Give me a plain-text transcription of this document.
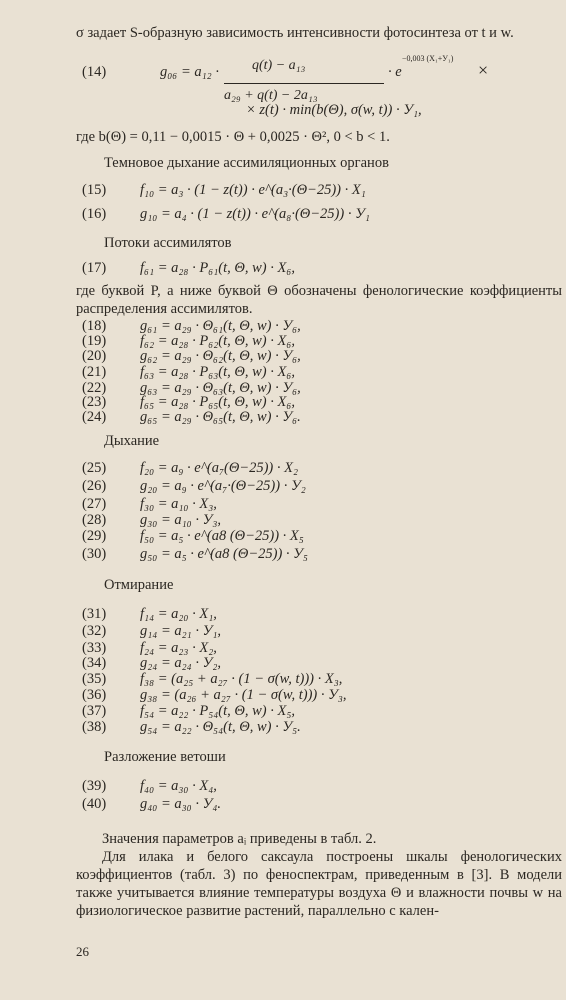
σ задает S-образную зависимость интенсивности фотосинтеза от t и w.
(14)	g₀₆ = a₁₂ · q(t) − a₁₃
a₂₉ + q(t) − 2a₁₃
· e
−0,003 (X₁+У₁)
×
× z(t) · min(b(Θ), σ(w, t)) · У₁,
где b(Θ) = 0,11 − 0,0015 · Θ + 0,0025 · Θ², 0 < b < 1.
Темновое дыхание ассимиляционных органов
(15) f₁₀ = a₃ · (1 − z(t)) · e^(a₃·(Θ−25)) · X₁
(16) g₁₀ = a₄ · (1 − z(t)) · e^(a₈·(Θ−25)) · У₁
Потоки ассимилятов
(17) f₆₁ = a₂₈ · P₆₁(t, Θ, w) · X₆,
где буквой P, а ниже буквой Θ обозначены фенологические коэффициенты распределения ассимилятов.
(18) g₆₁ = a₂₉ · Θ₆₁(t, Θ, w) · У₆,
(19) f₆₂ = a₂₈ · P₆₂(t, Θ, w) · X₆,
(20) g₆₂ = a₂₉ · Θ₆₂(t, Θ, w) · У₆,
(21) f₆₃ = a₂₈ · P₆₃(t, Θ, w) · X₆,
(22) g₆₃ = a₂₉ · Θ₆₃(t, Θ, w) · У₆,
(23) f₆₅ = a₂₈ · P₆₅(t, Θ, w) · X₆,
(24) g₆₅ = a₂₉ · Θ₆₅(t, Θ, w) · У₆.
Дыхание
(25) f₂₀ = a₉ · e^(a₇(Θ−25)) · X₂
(26) g₂₀ = a₉ · e^(a₇·(Θ−25)) · У₂
(27) f₃₀ = a₁₀ · X₃,
(28) g₃₀ = a₁₀ · У₃,
(29) f₅₀ = a₅ · e^(a8 (Θ−25)) · X₅
(30) g₅₀ = a₅ · e^(a8 (Θ−25)) · У₅
Отмирание
(31) f₁₄ = a₂₀ · X₁,
(32) g₁₄ = a₂₁ · У₁,
(33) f₂₄ = a₂₃ · X₂,
(34) g₂₄ = a₂₄ · У₂,
(35) f₃₈ = (a₂₅ + a₂₇ · (1 − σ(w, t))) · X₃,
(36) g₃₈ = (a₂₆ + a₂₇ · (1 − σ(w, t))) · У₃,
(37) f₅₄ = a₂₂ · P₅₄(t, Θ, w) · X₅,
(38) g₅₄ = a₂₂ · Θ₅₄(t, Θ, w) · У₅.
Разложение ветоши
(39) f₄₀ = a₃₀ · X₄,
(40) g₄₀ = a₃₀ · У₄.
Значения параметров aᵢ приведены в табл. 2.
Для илака и белого саксаула построены шкалы фенологических коэффициентов (табл. 3) по феноспектрам, приведенным в [3]. В модели также учитывается влияние температуры воздуха Θ и влажности почвы w на физиологическое развитие растений, параллельно с кален-
26
